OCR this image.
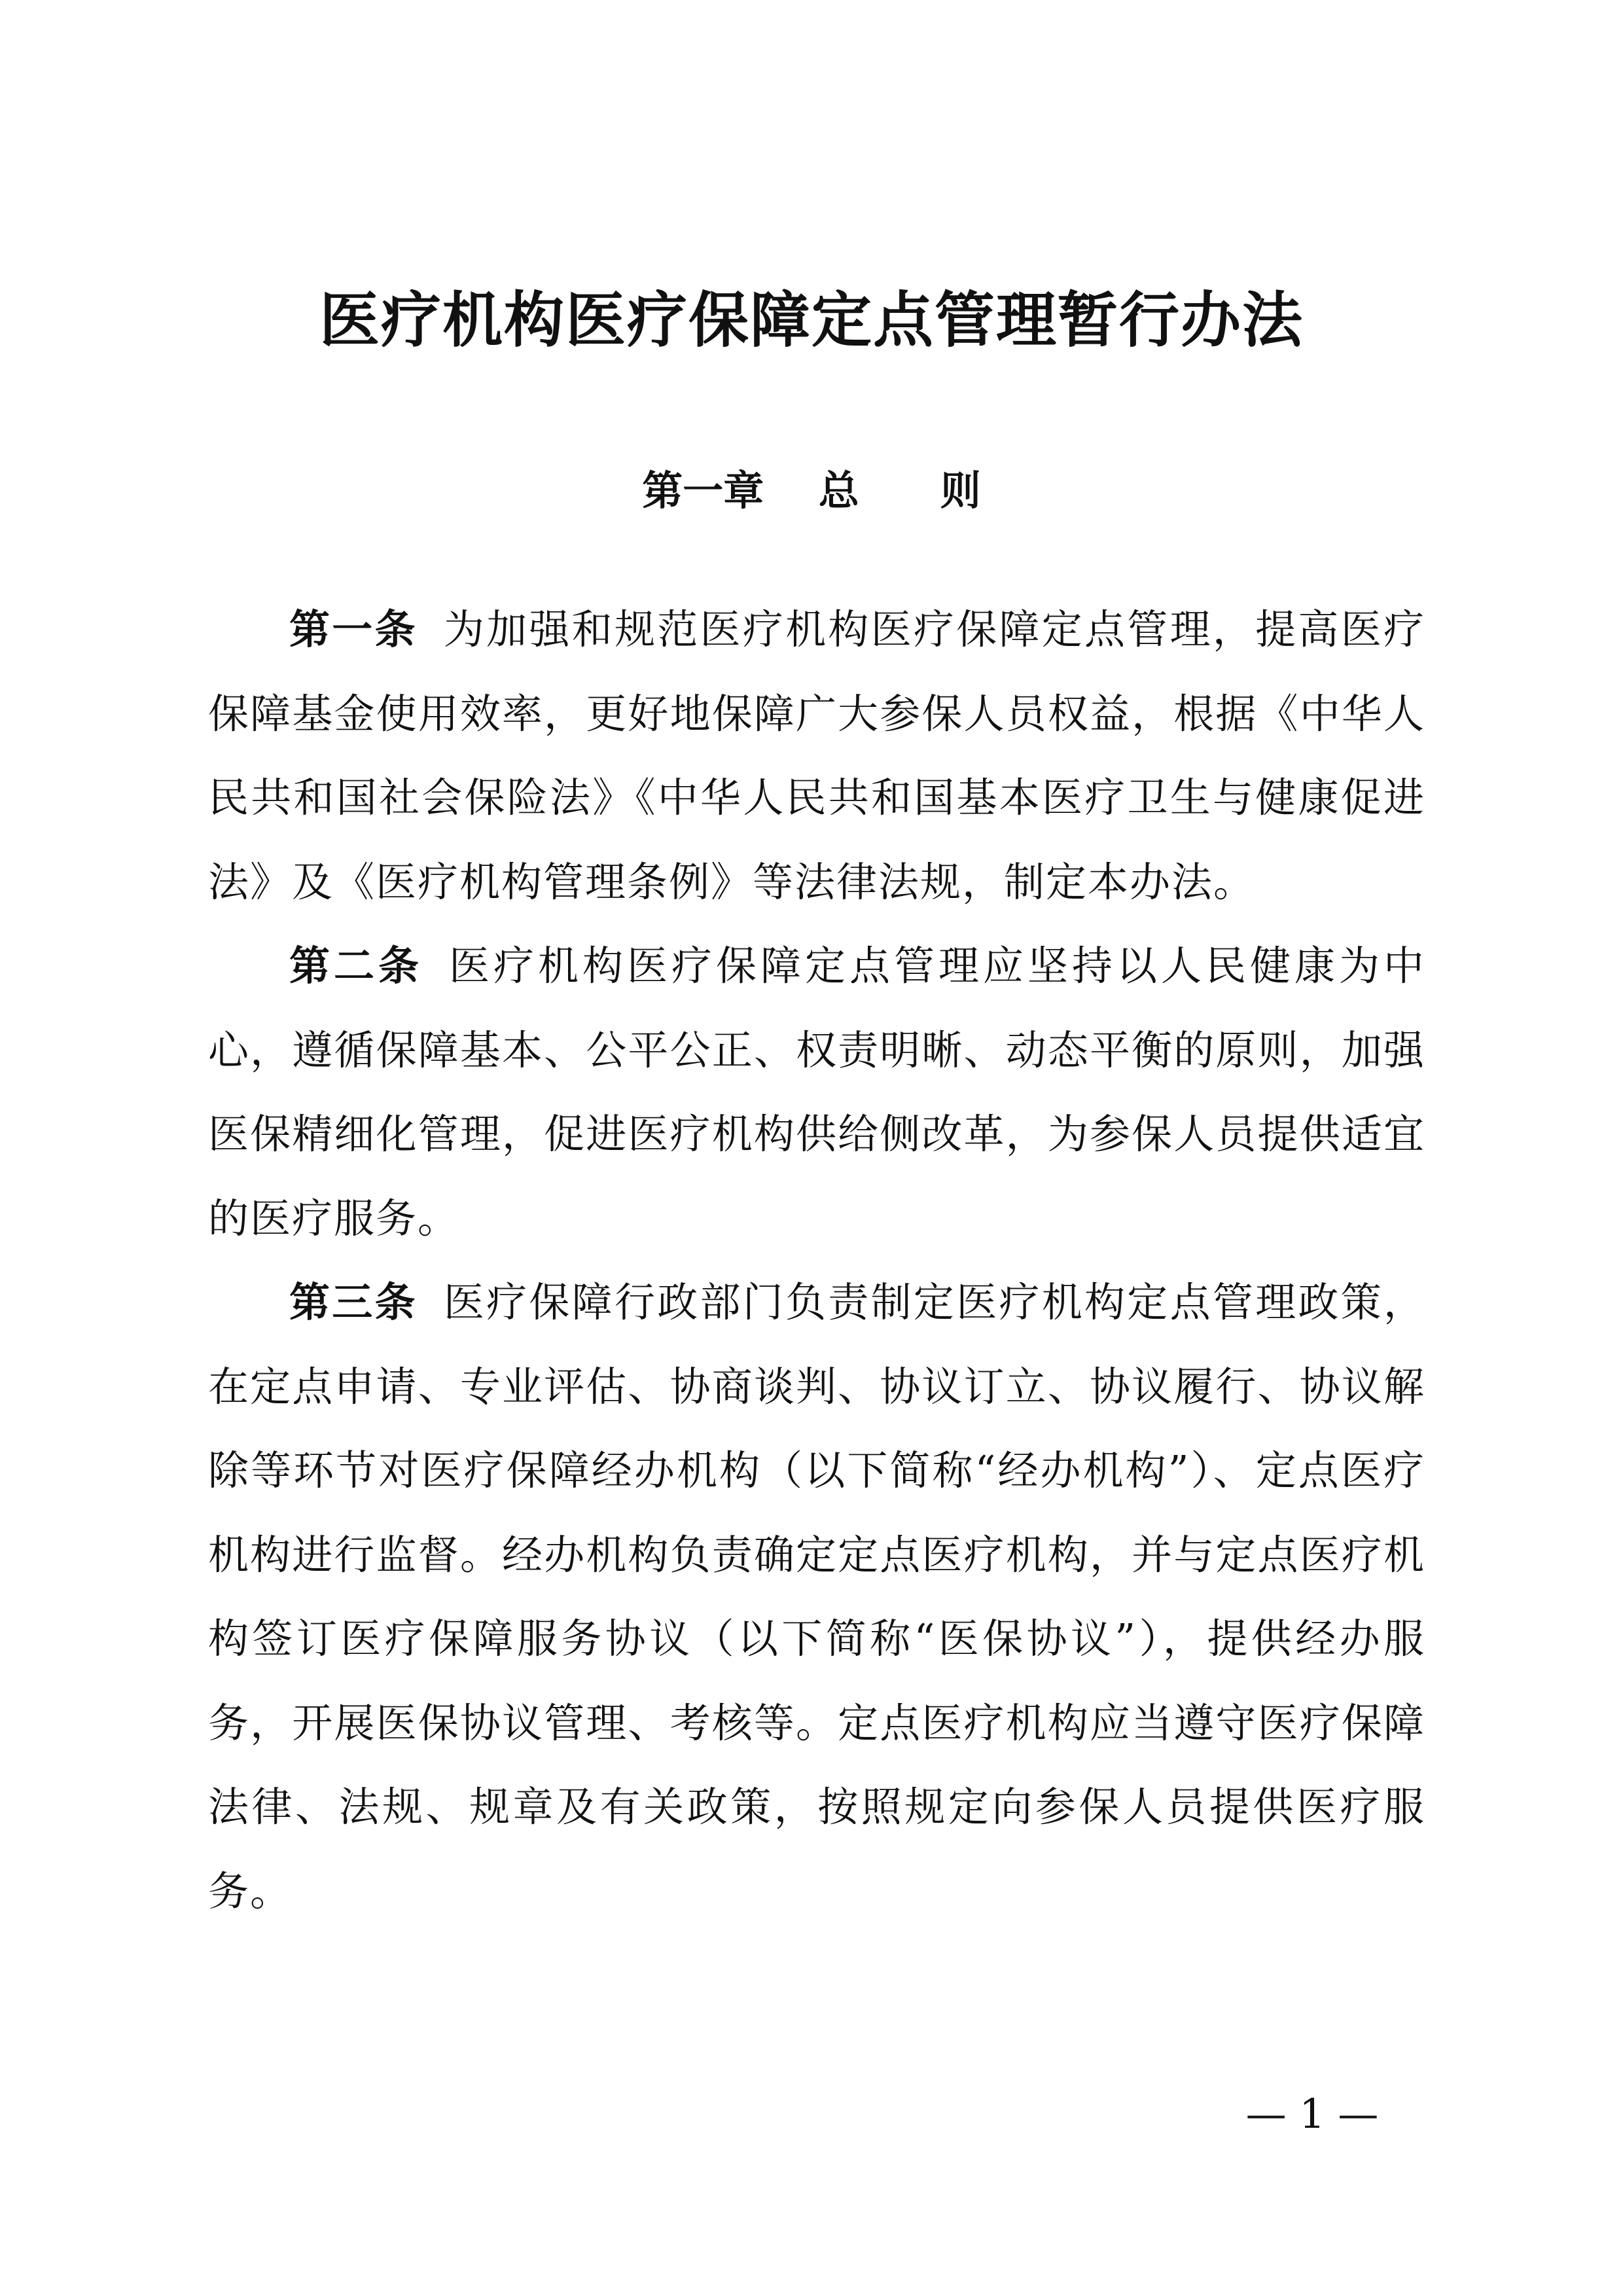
医疗机构医疗保障定点管理暂行办法
第一章　 总　　则

第一条 为加强和规范医疗机构医疗保障定点管理，提高医疗保障基金使用效率，更好地保障广大参保人员权益，根据《中华人民共和国社会保险法》《中华人民共和国基本医疗卫生与健康促进法》及《医疗机构管理条例》等法律法规，制定本办法。

第二条 医疗机构医疗保障定点管理应坚持以人民健康为中心，遵循保障基本、公平公正、权责明晰、动态平衡的原则，加强医保精细化管理，促进医疗机构供给侧改革，为参保人员提供适宜的医疗服务。

第三条 医疗保障行政部门负责制定医疗机构定点管理政策，在定点申请、专业评估、协商谈判、协议订立、协议履行、协议解除等环节对医疗保障经办机构（以下简称“经办机构”）、定点医疗机构进行监督。经办机构负责确定定点医疗机构，并与定点医疗机构签订医疗保障服务协议（以下简称“医保协议”），提供经办服务，开展医保协议管理、考核等。定点医疗机构应当遵守医疗保障法律、法规、规章及有关政策，按照规定向参保人员提供医疗服务。

— 1 —
